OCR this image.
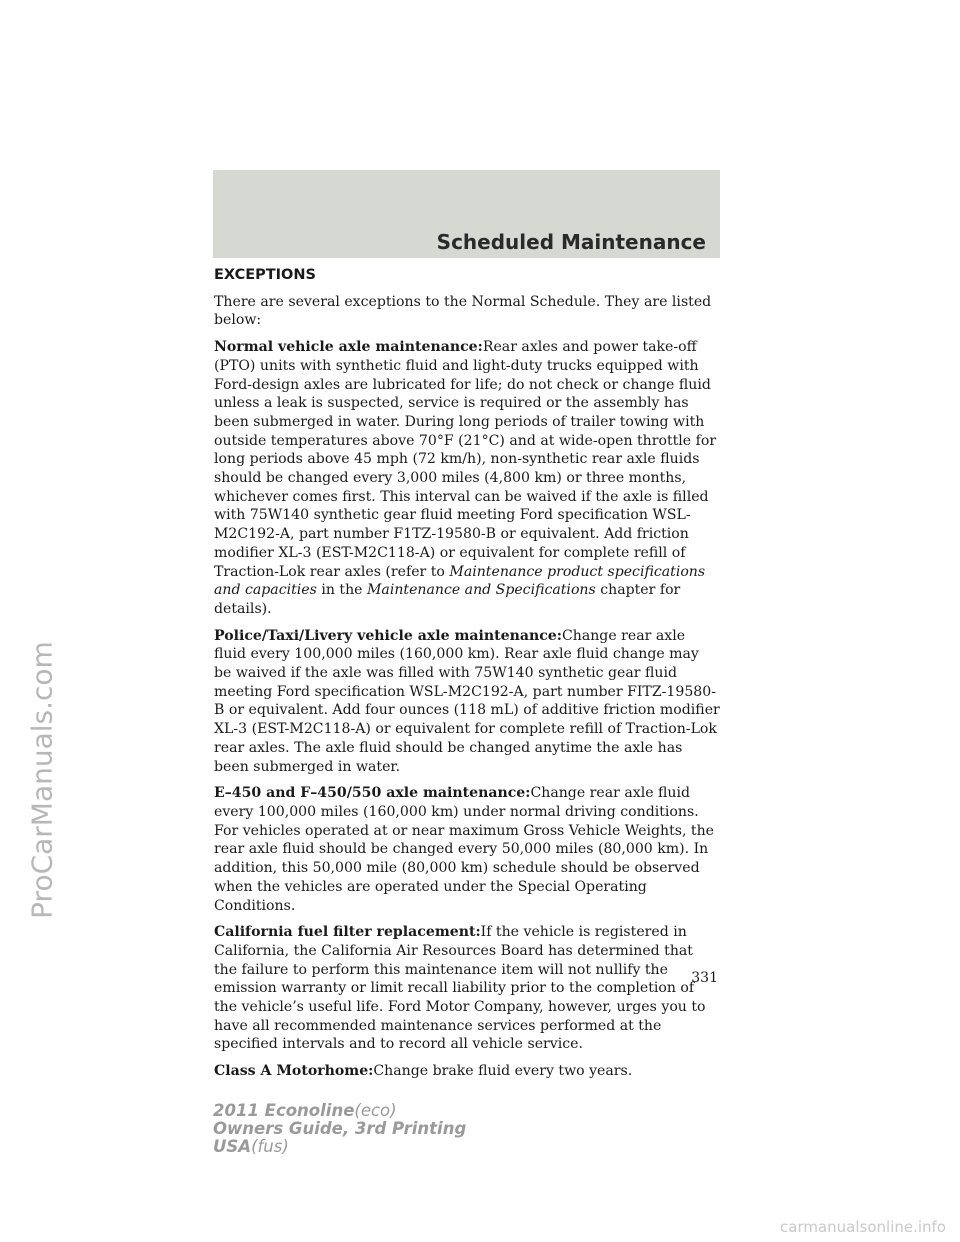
ProCarManuals.com
Scheduled Maintenance
EXCEPTIONS

There are several exceptions to the Normal Schedule. They are listed below:

Normal vehicle axle maintenance:Rear axles and power take-off (PTO) units with synthetic fluid and light-duty trucks equipped with Ford-design axles are lubricated for life; do not check or change fluid unless a leak is suspected, service is required or the assembly has been submerged in water. During long periods of trailer towing with outside temperatures above 70°F (21°C) and at wide-open throttle for long periods above 45 mph (72 km/h), non-synthetic rear axle fluids should be changed every 3,000 miles (4,800 km) or three months, whichever comes first. This interval can be waived if the axle is filled with 75W140 synthetic gear fluid meeting Ford specification WSL-M2C192-A, part number F1TZ-19580-B or equivalent. Add friction modifier XL-3 (EST-M2C118-A) or equivalent for complete refill of Traction-Lok rear axles (refer to Maintenance product specifications and capacities in the Maintenance and Specifications chapter for details).

Police/Taxi/Livery vehicle axle maintenance:Change rear axle fluid every 100,000 miles (160,000 km). Rear axle fluid change may be waived if the axle was filled with 75W140 synthetic gear fluid meeting Ford specification WSL-M2C192-A, part number FITZ-19580-B or equivalent. Add four ounces (118 mL) of additive friction modifier XL-3 (EST-M2C118-A) or equivalent for complete refill of Traction-Lok rear axles. The axle fluid should be changed anytime the axle has been submerged in water.

E–450 and F–450/550 axle maintenance:Change rear axle fluid every 100,000 miles (160,000 km) under normal driving conditions. For vehicles operated at or near maximum Gross Vehicle Weights, the rear axle fluid should be changed every 50,000 miles (80,000 km). In addition, this 50,000 mile (80,000 km) schedule should be observed when the vehicles are operated under the Special Operating Conditions.

California fuel filter replacement:If the vehicle is registered in California, the California Air Resources Board has determined that the failure to perform this maintenance item will not nullify the emission warranty or limit recall liability prior to the completion of the vehicle’s useful life. Ford Motor Company, however, urges you to have all recommended maintenance services performed at the specified intervals and to record all vehicle service.

Class A Motorhome:Change brake fluid every two years.

331
2011 Econoline(eco)
Owners Guide, 3rd Printing
USA(fus)
carmanualsonline.info
